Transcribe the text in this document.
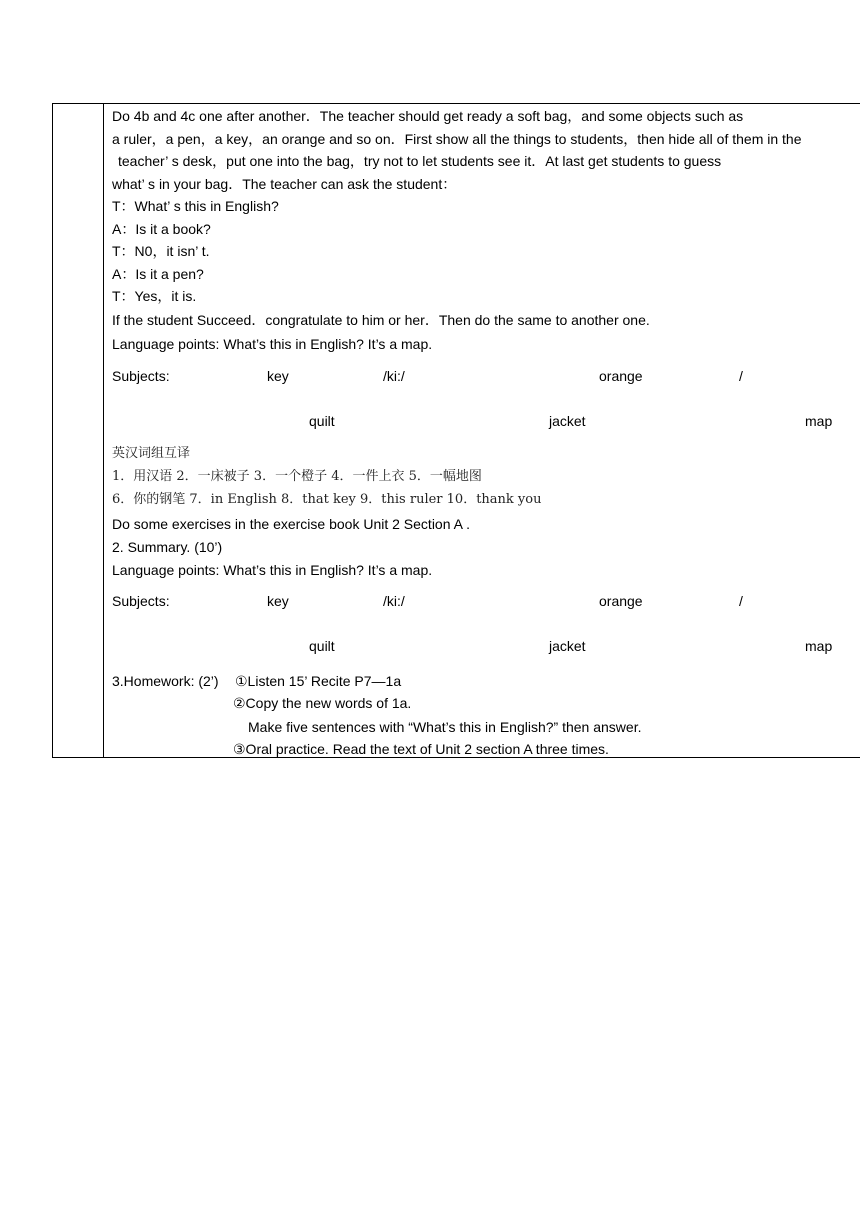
Do 4b and 4c one after another．The teacher should get ready a soft bag，and some objects such as
a ruler，a pen，a key，an orange and so on．First show all the things to students，then hide all of them in the
teacher’ s desk，put one into the bag，try not to let students see it．At last get students to guess
what’ s in your bag．The teacher can ask the student：
T：What’ s this in English?
A：Is it a book?
T：N0，it isn’ t.
A：Is it a pen?
T：Yes，it is.
If the student Succeed．congratulate to him or her．Then do the same to another one.
Language points: What’s this in English? It’s a map.
Subjects:	key	/ki:/	orange	/
quilt	jacket	map
英汉词组互译
1．用汉语 2．一床被子 3．一个橙子 4．一件上衣 5．一幅地图
6．你的钢笔 7．in English 8．that key 9．this ruler 10．thank you
Do some exercises in the exercise book Unit 2 Section A .
2. Summary. (10’)
Language points: What’s this in English? It’s a map.
Subjects:	key	/ki:/	orange	/
quilt	jacket	map
3.Homework: (2’) ①Listen 15’ Recite P7—1a
②Copy the new words of 1a.
Make five sentences with “What’s this in English?” then answer.
③Oral practice. Read the text of Unit 2 section A three times.
